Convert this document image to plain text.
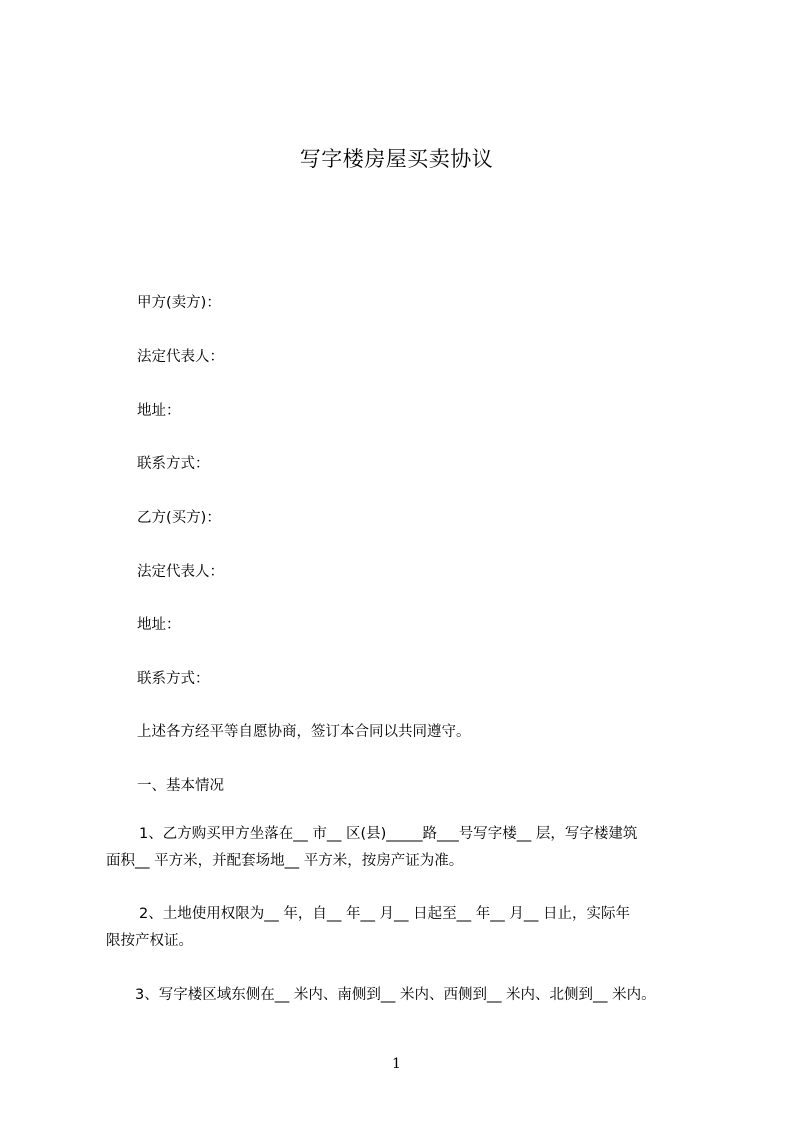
写字楼房屋买卖协议
甲方(卖方)：
法定代表人：
地址：
联系方式：
乙方(买方)：
法定代表人：
地址：
联系方式：
上述各方经平等自愿协商，签订本合同以共同遵守。
一、基本情况
1、乙方购买甲方坐落在__ 市__ 区(县)_____路___号写字楼__ 层，写字楼建筑
面积__ 平方米，并配套场地__ 平方米，按房产证为准。
2、土地使用权限为__ 年，自__ 年__ 月__ 日起至__ 年__ 月__ 日止，实际年
限按产权证。
3、写字楼区域东侧在__ 米内、南侧到__ 米内、西侧到__ 米内、北侧到__ 米内。
1
